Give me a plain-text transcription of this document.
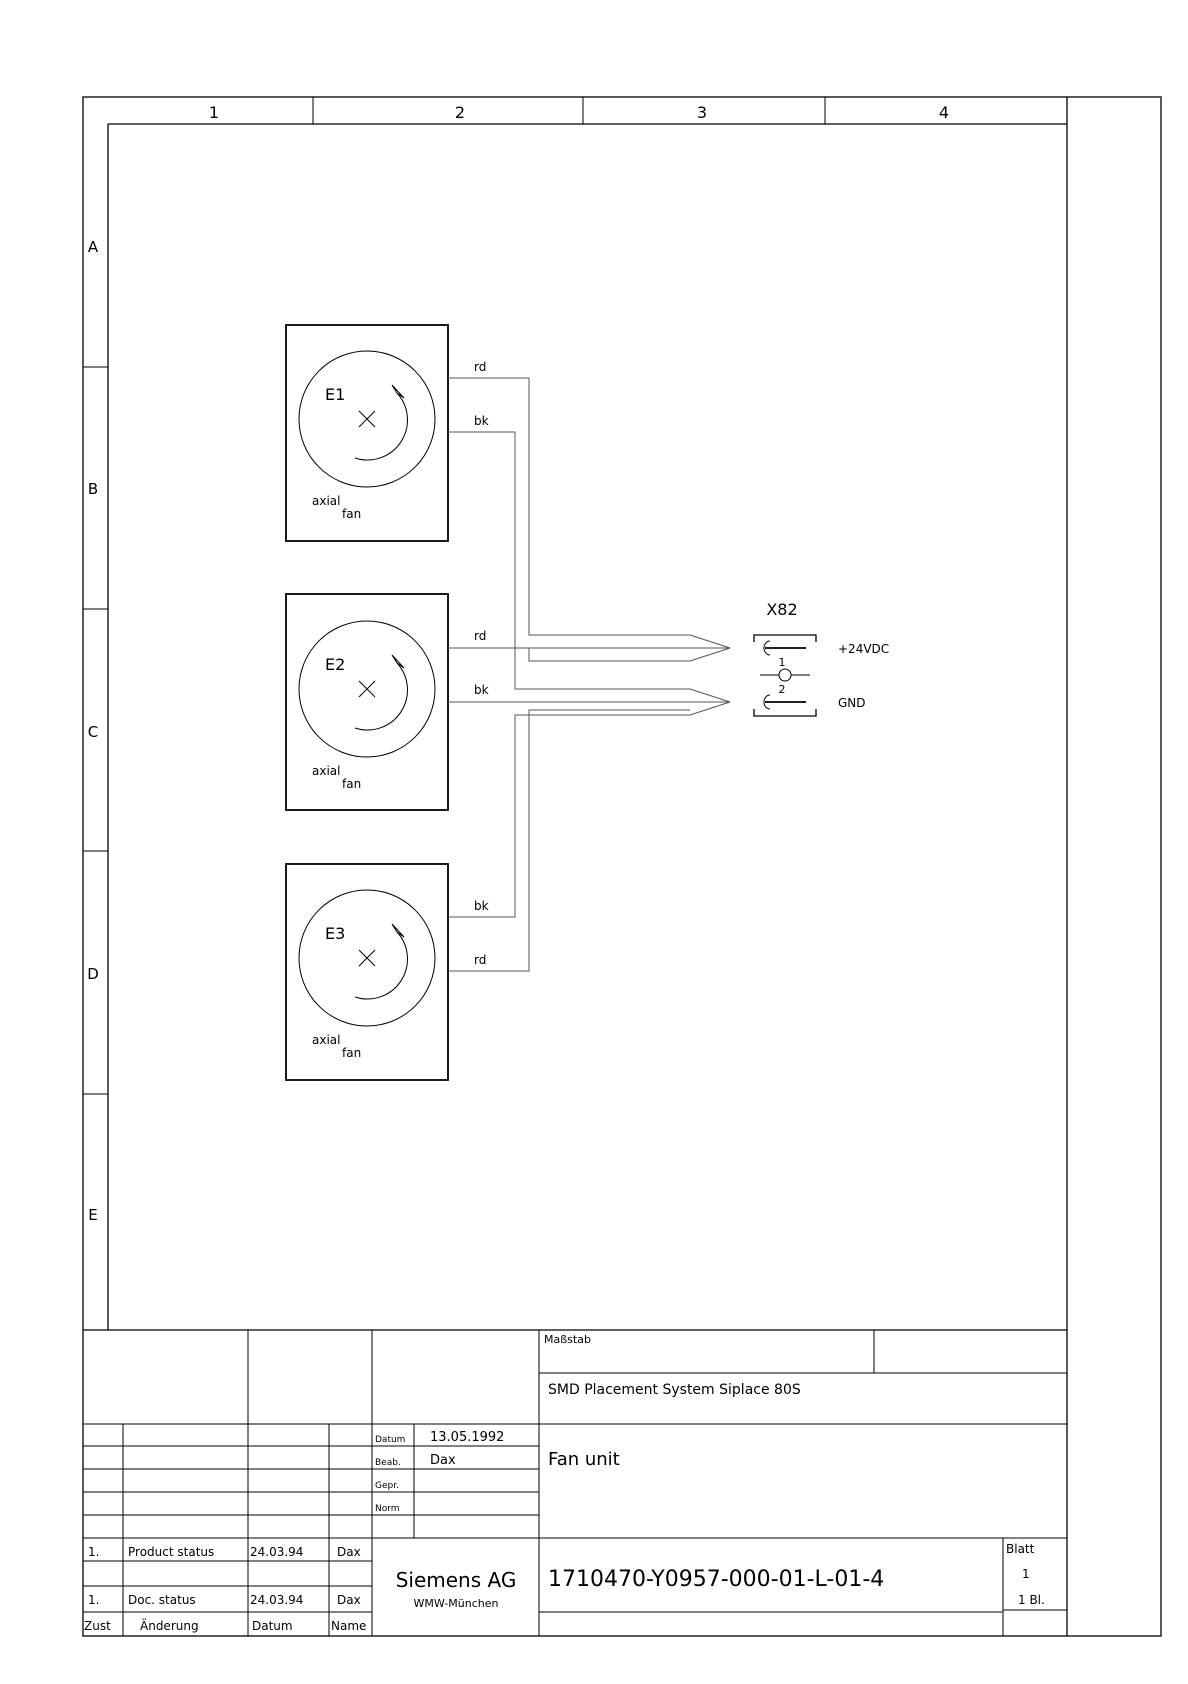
1	2	3	4
A
B
C
D
E
E1
axial
fan
rd
bk
E2
axial
fan
rd
bk
E3
axial
fan
bk
rd
X82
1
2
+24VDC
GND
Maßstab
SMD Placement System Siplace 80S
Fan unit
1710470-Y0957-000-01-L-01-4
Blatt
1
1 Bl.
Siemens AG
WMW-München
Datum 13.05.1992
Beab. Dax
Gepr.
Norm
1. Product status	24.03.94	Dax
1. Doc. status	24.03.94	Dax
Zust Änderung	Datum	Name
